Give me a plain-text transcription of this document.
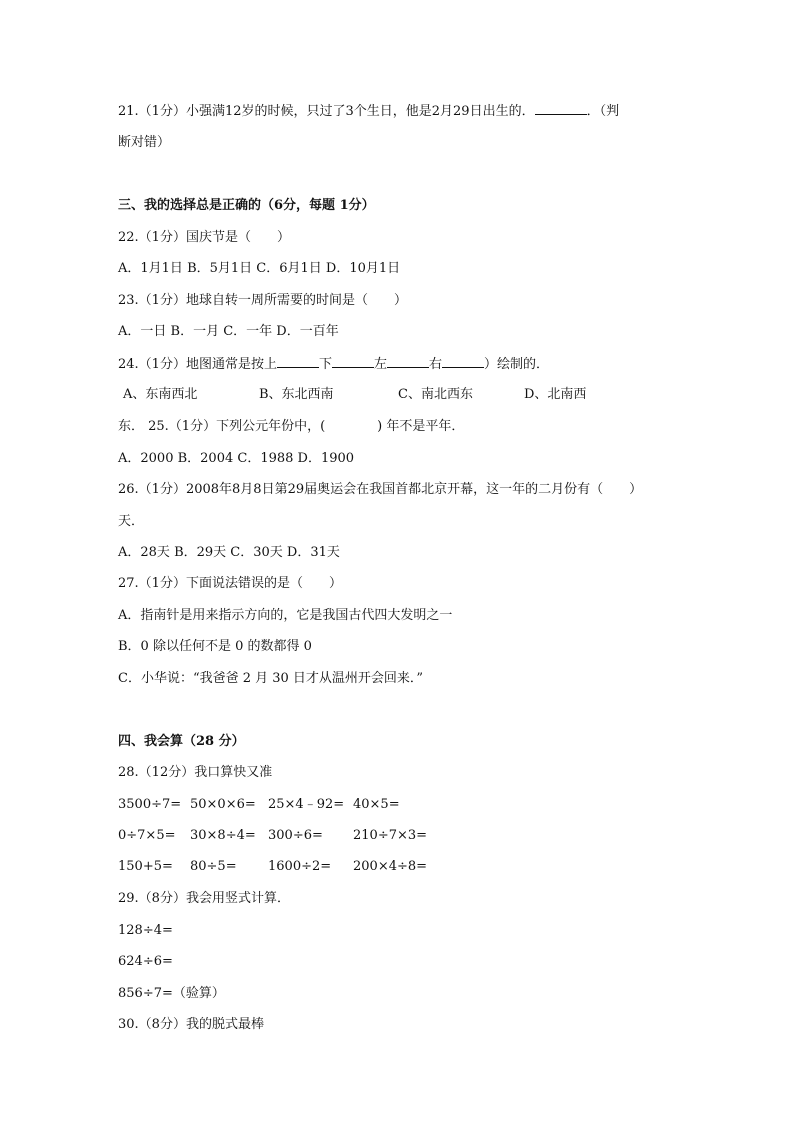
21.（1分）小强满12岁的时候，只过了3个生日，他是2月29日出生的．	．（判
断对错）
三、我的选择总是正确的（6分，每题 1分）
22.（1分）国庆节是（　　）
A．1月1日 B．5月1日 C．6月1日 D．10月1日
23.（1分）地球自转一周所需要的时间是（　　）
A．一日 B．一月 C．一年 D．一百年
24.（1分）地图通常是按上	下	左	右	）绘制的．
A、东南西北	B、东北西南	C、南北西东	D、北南西
东． 25.（1分）下列公元年份中，(　　　　) 年不是平年．
A．2000 B．2004 C．1988 D．1900
26.（1分）2008年8月8日第29届奥运会在我国首都北京开幕，这一年的二月份有（　　）
天．
A．28天 B．29天 C．30天 D．31天
27.（1分）下面说法错误的是（　　）
A．指南针是用来指示方向的，它是我国古代四大发明之一
B．0 除以任何不是 0 的数都得 0
C．小华说：“我爸爸 2 月 30 日才从温州开会回来．”
四、我会算（28 分）
28.（12分）我口算快又准
3500÷7= 50×0×6= 25×4﹣92= 40×5=
0÷7×5= 30×8÷4= 300÷6= 210÷7×3=
150+5= 80÷5= 1600÷2= 200×4÷8=
29.（8分）我会用竖式计算．
128÷4=
624÷6=
856÷7=（验算）
30.（8分）我的脱式最棒
